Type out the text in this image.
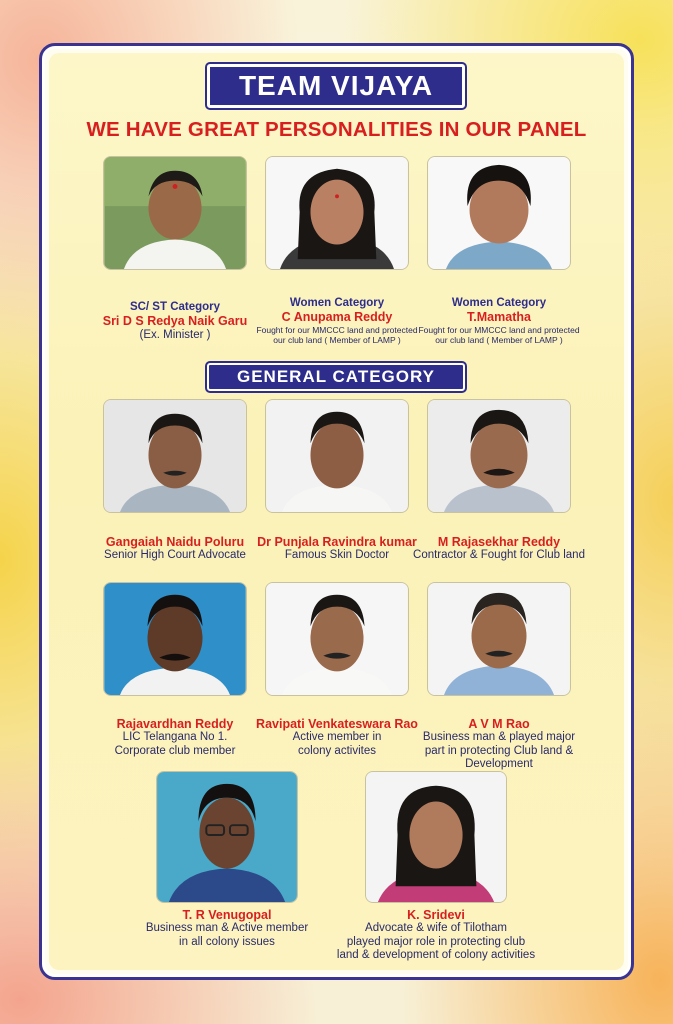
TEAM VIJAYA
WE HAVE GREAT PERSONALITIES IN OUR PANEL
SC/ ST Category
Sri D S Redya Naik Garu
(Ex. Minister )
Women Category
C Anupama Reddy
Fought for our MMCCC land and protected
our club land ( Member of LAMP )
Women Category
T.Mamatha
Fought for our MMCCC land and protected
our club land ( Member of LAMP )
GENERAL CATEGORY
Gangaiah Naidu Poluru
Senior High Court Advocate
Dr Punjala Ravindra kumar
Famous Skin Doctor
M Rajasekhar Reddy
Contractor & Fought for Club land
Rajavardhan Reddy
LIC Telangana No 1.
Corporate club member
Ravipati Venkateswara Rao
Active member in
colony activites
A V M Rao
Business man & played major
part in protecting Club land &
Development
T. R Venugopal
Business man & Active member
in all colony issues
K. Sridevi
Advocate & wife of Tilotham
played major role in protecting club
land & development of colony activities
